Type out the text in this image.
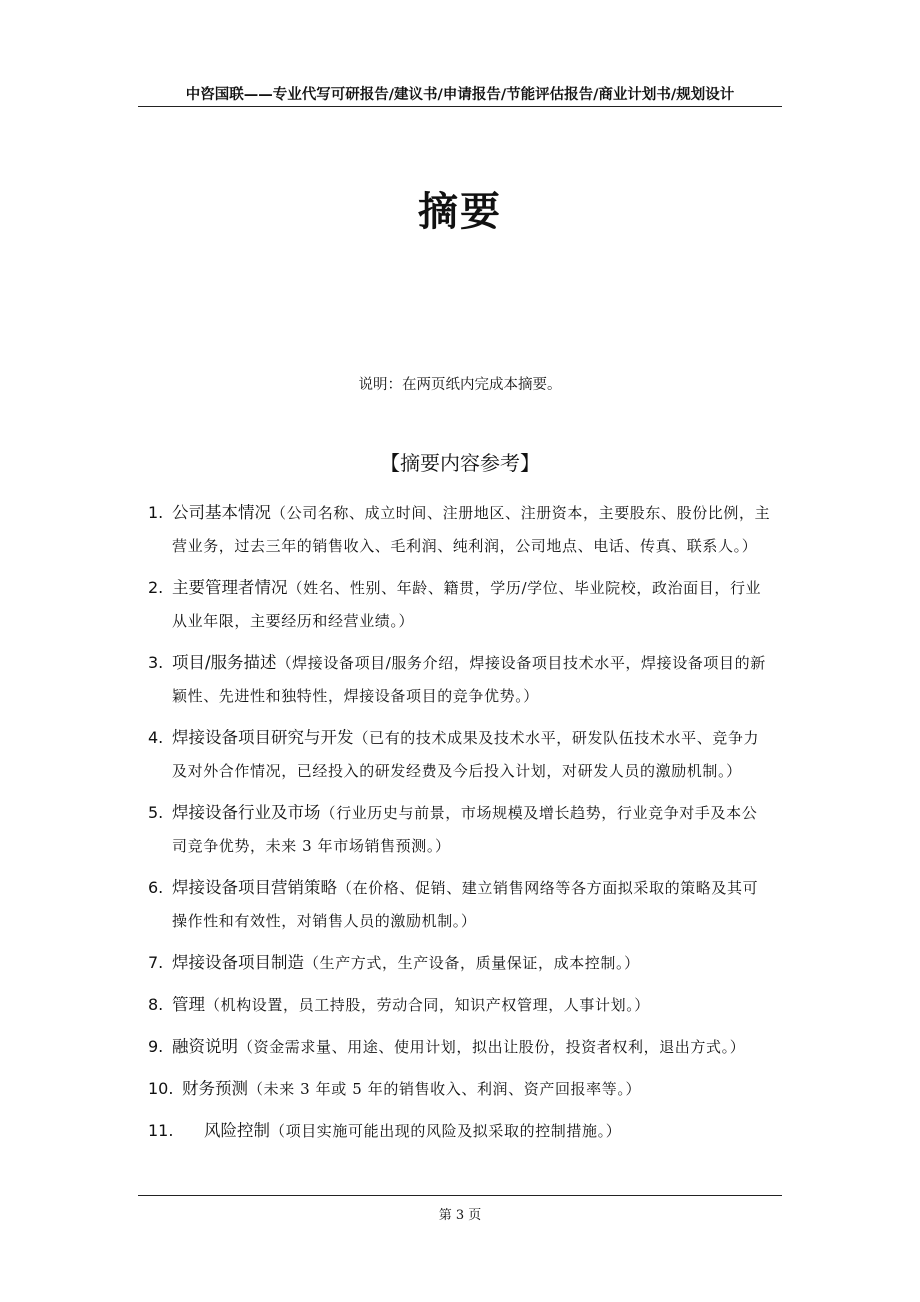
中咨国联——专业代写可研报告/建议书/申请报告/节能评估报告/商业计划书/规划设计
摘要
说明：在两页纸内完成本摘要。
【摘要内容参考】
1. 公司基本情况（公司名称、成立时间、注册地区、注册资本，主要股东、股份比例，主营业务，过去三年的销售收入、毛利润、纯利润，公司地点、电话、传真、联系人。）
2. 主要管理者情况（姓名、性别、年龄、籍贯，学历/学位、毕业院校，政治面目，行业从业年限，主要经历和经营业绩。）
3. 项目/服务描述（焊接设备项目/服务介绍，焊接设备项目技术水平，焊接设备项目的新颖性、先进性和独特性，焊接设备项目的竞争优势。）
4. 焊接设备项目研究与开发（已有的技术成果及技术水平，研发队伍技术水平、竞争力及对外合作情况，已经投入的研发经费及今后投入计划，对研发人员的激励机制。）
5. 焊接设备行业及市场（行业历史与前景，市场规模及增长趋势，行业竞争对手及本公司竞争优势，未来 3 年市场销售预测。）
6. 焊接设备项目营销策略（在价格、促销、建立销售网络等各方面拟采取的策略及其可操作性和有效性，对销售人员的激励机制。）
7. 焊接设备项目制造（生产方式，生产设备，质量保证，成本控制。）
8. 管理（机构设置，员工持股，劳动合同，知识产权管理，人事计划。）
9. 融资说明（资金需求量、用途、使用计划，拟出让股份，投资者权利，退出方式。）
10. 财务预测（未来 3 年或 5 年的销售收入、利润、资产回报率等。）
11.	风险控制（项目实施可能出现的风险及拟采取的控制措施。）
第 3 页
